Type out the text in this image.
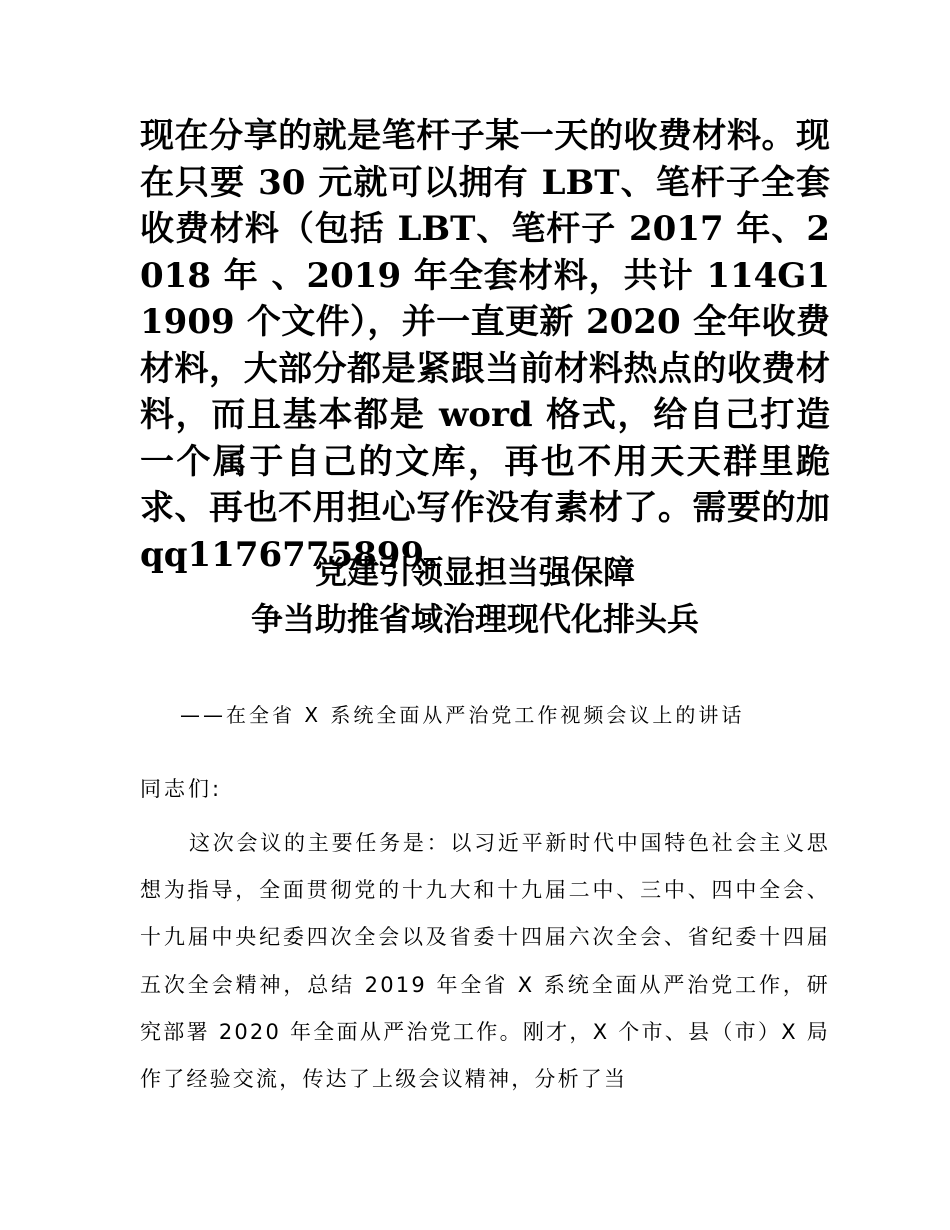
现在分享的就是笔杆子某一天的收费材料。现在只要 30 元就可以拥有 LBT、笔杆子全套收费材料（包括 LBT、笔杆子 2017 年、2018 年 、2019 年全套材料，共计 114G11909 个文件），并一直更新 2020 全年收费材料，大部分都是紧跟当前材料热点的收费材料，而且基本都是 word 格式，给自己打造一个属于自己的文库，再也不用天天群里跪求、再也不用担心写作没有素材了。需要的加 qq1176775899。
党建引领显担当强保障
争当助推省域治理现代化排头兵
——在全省 X 系统全面从严治党工作视频会议上的讲话
同志们:
这次会议的主要任务是：以习近平新时代中国特色社会主义思想为指导，全面贯彻党的十九大和十九届二中、三中、四中全会、十九届中央纪委四次全会以及省委十四届六次全会、省纪委十四届五次全会精神，总结 2019 年全省 X 系统全面从严治党工作，研究部署 2020 年全面从严治党工作。刚才，X 个市、县（市）X 局作了经验交流，传达了上级会议精神，分析了当
